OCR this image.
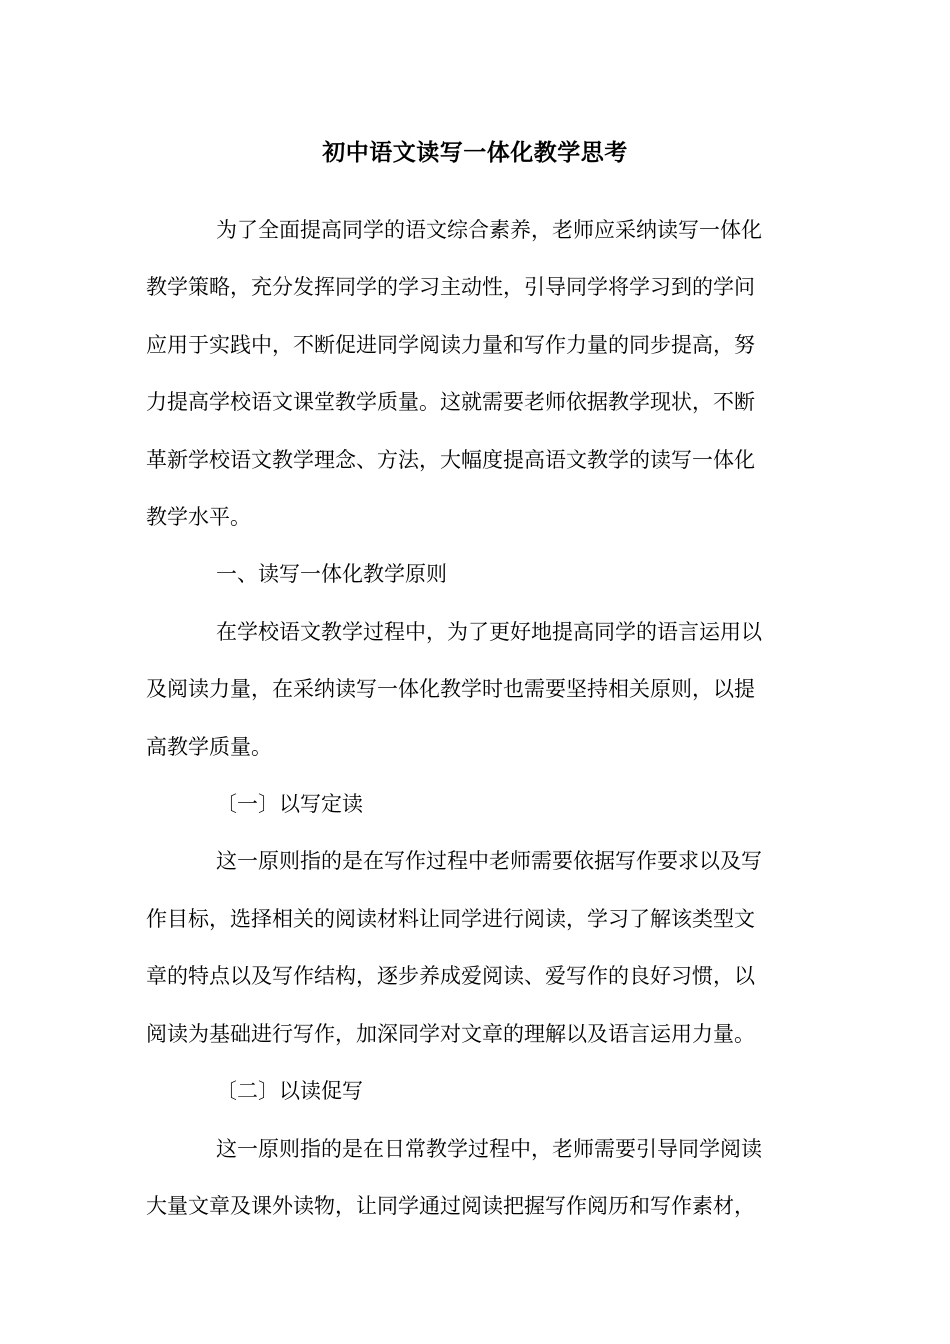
初中语文读写一体化教学思考
为了全面提高同学的语文综合素养，老师应采纳读写一体化
教学策略，充分发挥同学的学习主动性，引导同学将学习到的学问
应用于实践中，不断促进同学阅读力量和写作力量的同步提高，努
力提高学校语文课堂教学质量。这就需要老师依据教学现状，不断
革新学校语文教学理念、方法，大幅度提高语文教学的读写一体化
教学水平。
一、读写一体化教学原则
在学校语文教学过程中，为了更好地提高同学的语言运用以
及阅读力量，在采纳读写一体化教学时也需要坚持相关原则，以提
高教学质量。
〔一〕以写定读
这一原则指的是在写作过程中老师需要依据写作要求以及写
作目标，选择相关的阅读材料让同学进行阅读，学习了解该类型文
章的特点以及写作结构，逐步养成爱阅读、爱写作的良好习惯，以
阅读为基础进行写作，加深同学对文章的理解以及语言运用力量。
〔二〕以读促写
这一原则指的是在日常教学过程中，老师需要引导同学阅读
大量文章及课外读物，让同学通过阅读把握写作阅历和写作素材，
